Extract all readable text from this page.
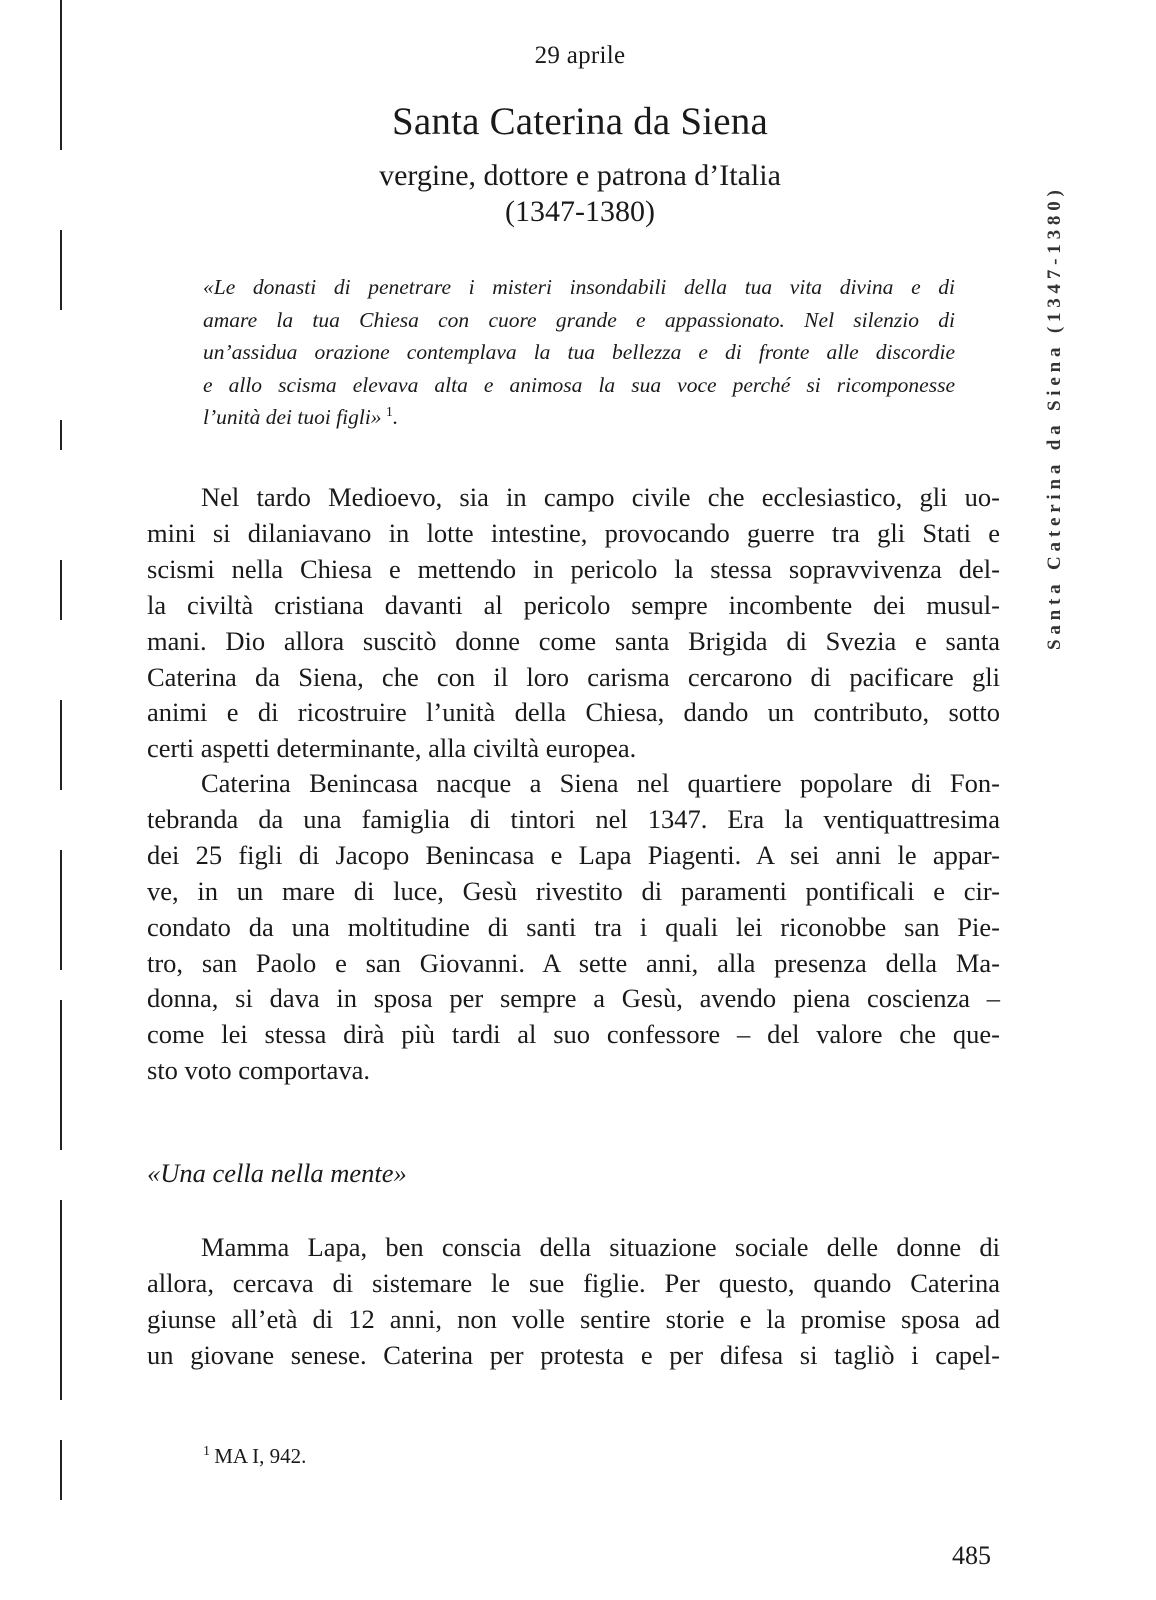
29 aprile
Santa Caterina da Siena
vergine, dottore e patrona d’Italia
(1347-1380)
«Le donasti di penetrare i misteri insondabili della tua vita divina e di
amare la tua Chiesa con cuore grande e appassionato. Nel silenzio di
un’assidua orazione contemplava la tua bellezza e di fronte alle discordie
e allo scisma elevava alta e animosa la sua voce perché si ricomponesse
l’unità dei tuoi figli»  $^1$.
Nel tardo Medioevo, sia in campo civile che ecclesiastico, gli uo-
mini si dilaniavano in lotte intestine, provocando guerre tra gli Stati e
scismi nella Chiesa e mettendo in pericolo la stessa sopravvivenza del-
la civiltà cristiana davanti al pericolo sempre incombente dei musul-
mani. Dio allora suscitò donne come santa Brigida di Svezia e santa
Caterina da Siena, che con il loro carisma cercarono di pacificare gli
animi e di ricostruire l’unità della Chiesa, dando un contributo, sotto
certi aspetti determinante, alla civiltà europea.
Caterina Benincasa nacque a Siena nel quartiere popolare di Fon-
tebranda da una famiglia di tintori nel 1347. Era la ventiquattresima
dei 25 figli di Jacopo Benincasa e Lapa Piagenti. A sei anni le appar-
ve, in un mare di luce, Gesù rivestito di paramenti pontificali e cir-
condato da una moltitudine di santi tra i quali lei riconobbe san Pie-
tro, san Paolo e san Giovanni. A sette anni, alla presenza della Ma-
donna, si dava in sposa per sempre a Gesù, avendo piena coscienza –
come lei stessa dirà più tardi al suo confessore – del valore che que-
sto voto comportava.
«Una cella nella mente»
Mamma Lapa, ben conscia della situazione sociale delle donne di
allora, cercava di sistemare le sue figlie. Per questo, quando Caterina
giunse all’età di 12 anni, non volle sentire storie e la promise sposa ad
un giovane senese. Caterina per protesta e per difesa si tagliò i capel-
$^1$  MA I, 942.
485
Santa Caterina da Siena (1347-1380)
